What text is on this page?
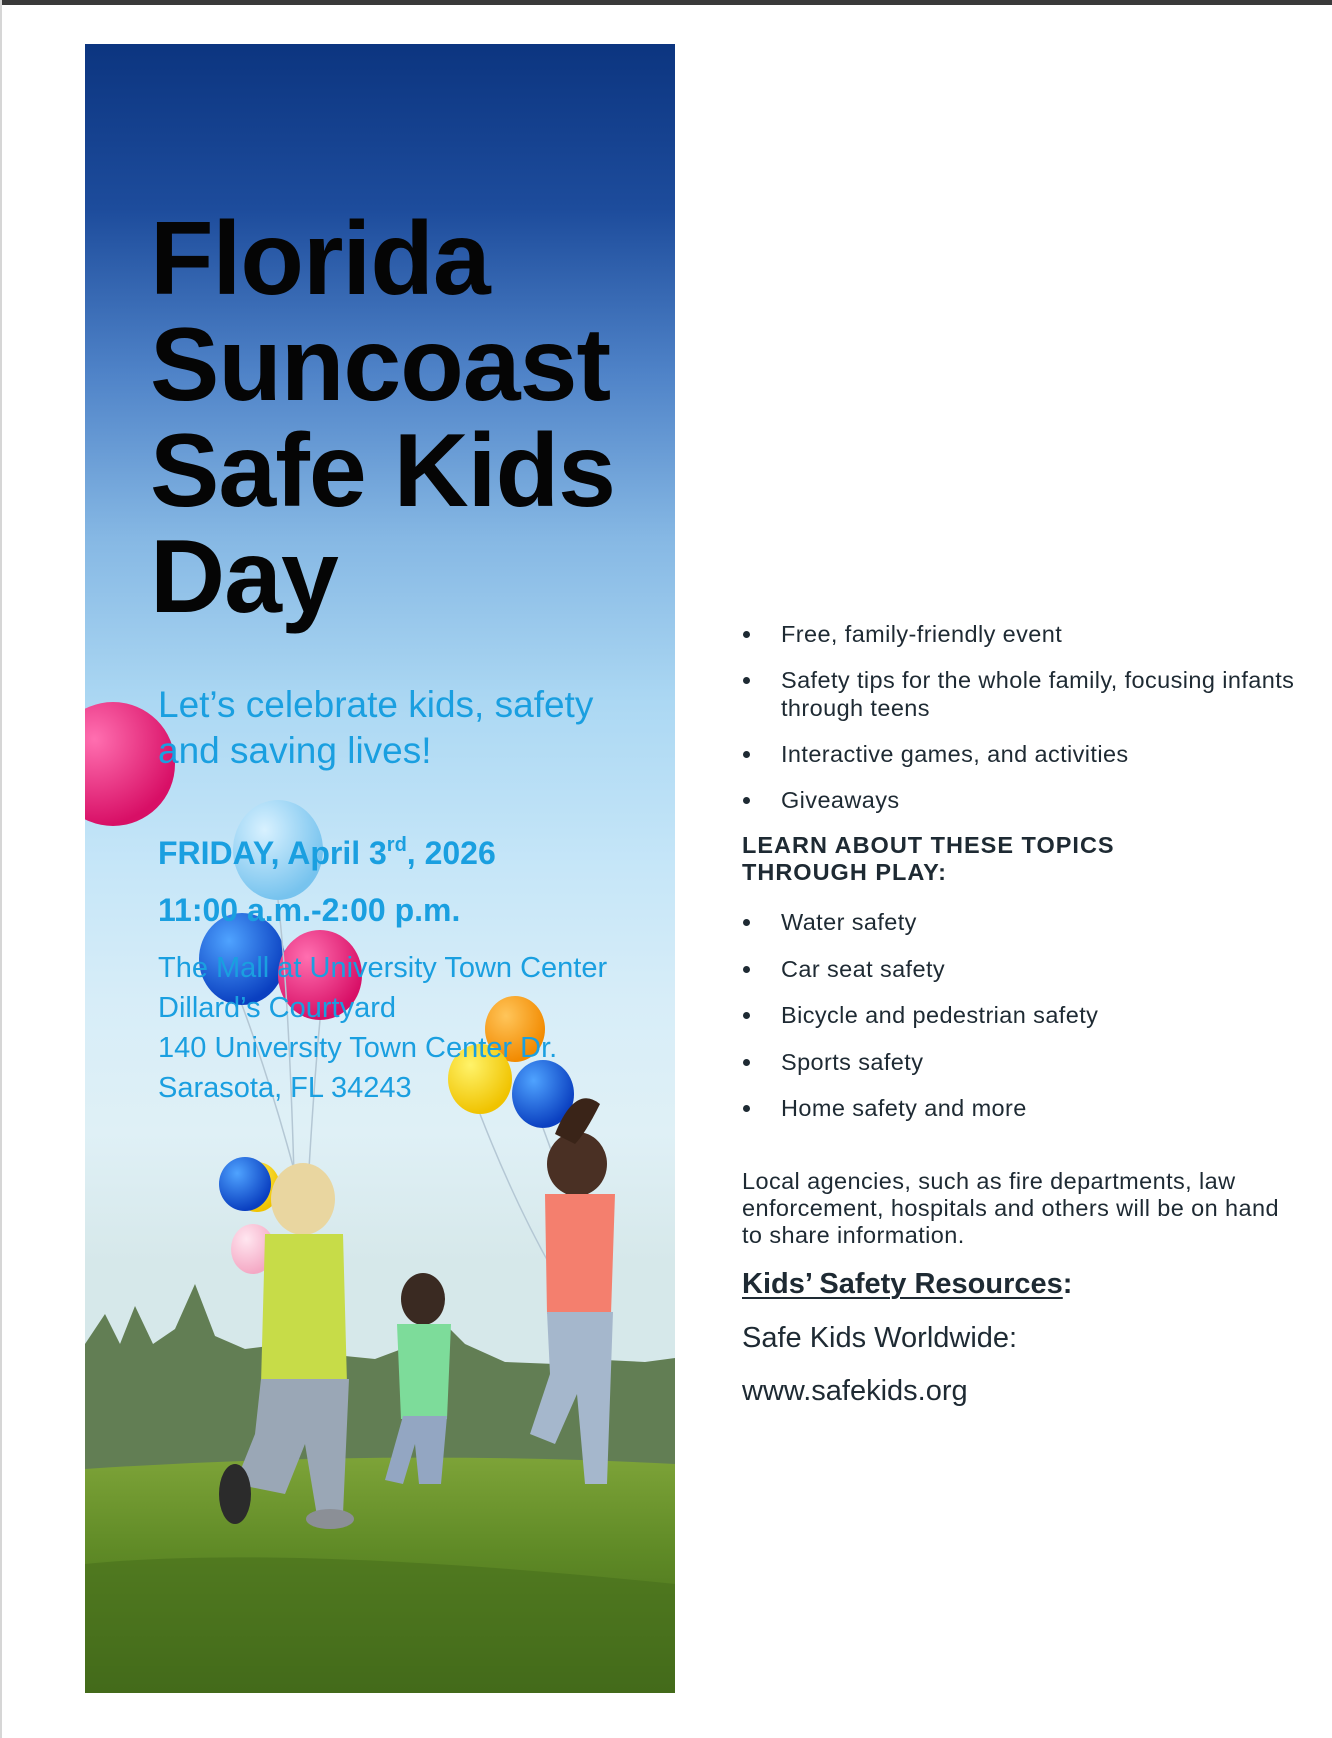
Florida
Suncoast
Safe Kids
Day
Let’s celebrate kids, safety and saving lives!
FRIDAY, April 3rd, 2026
11:00 a.m.-2:00 p.m.
The Mall at University Town Center
Dillard’s Courtyard
140 University Town Center Dr.
Sarasota, FL 34243
Free, family-friendly event
Safety tips for the whole family, focusing infants through teens
Interactive games, and activities
Giveaways
LEARN ABOUT THESE TOPICS THROUGH PLAY:
Water safety
Car seat safety
Bicycle and pedestrian safety
Sports safety
Home safety and more
Local agencies, such as fire departments, law enforcement, hospitals and others will be on hand to share information.
Kids’ Safety Resources:
Safe Kids Worldwide:
www.safekids.org
